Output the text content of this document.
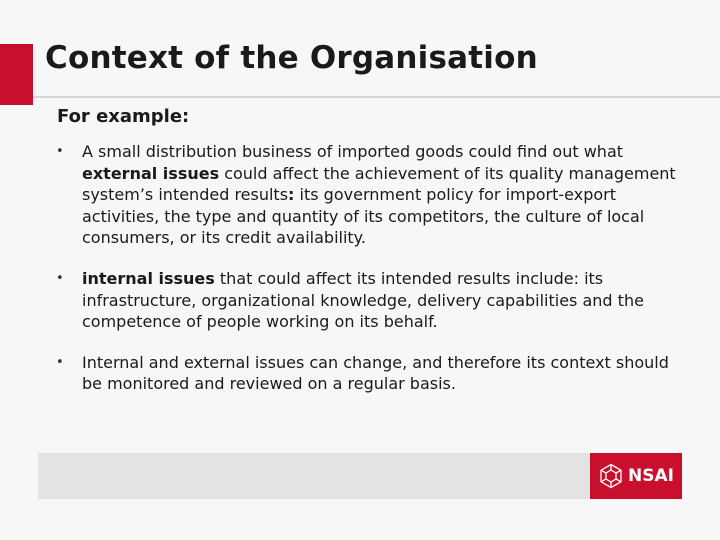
Context of the Organisation
For example:
• A small distribution business of imported goods could find out what external issues could affect the achievement of its quality management system’s intended results: its government policy for import-export activities, the type and quantity of its competitors, the culture of local consumers, or its credit availability.
• internal issues that could affect its intended results include: its infrastructure, organizational knowledge, delivery capabilities and the competence of people working on its behalf.
• Internal and external issues can change, and therefore its context should be monitored and reviewed on a regular basis.
NSAI
